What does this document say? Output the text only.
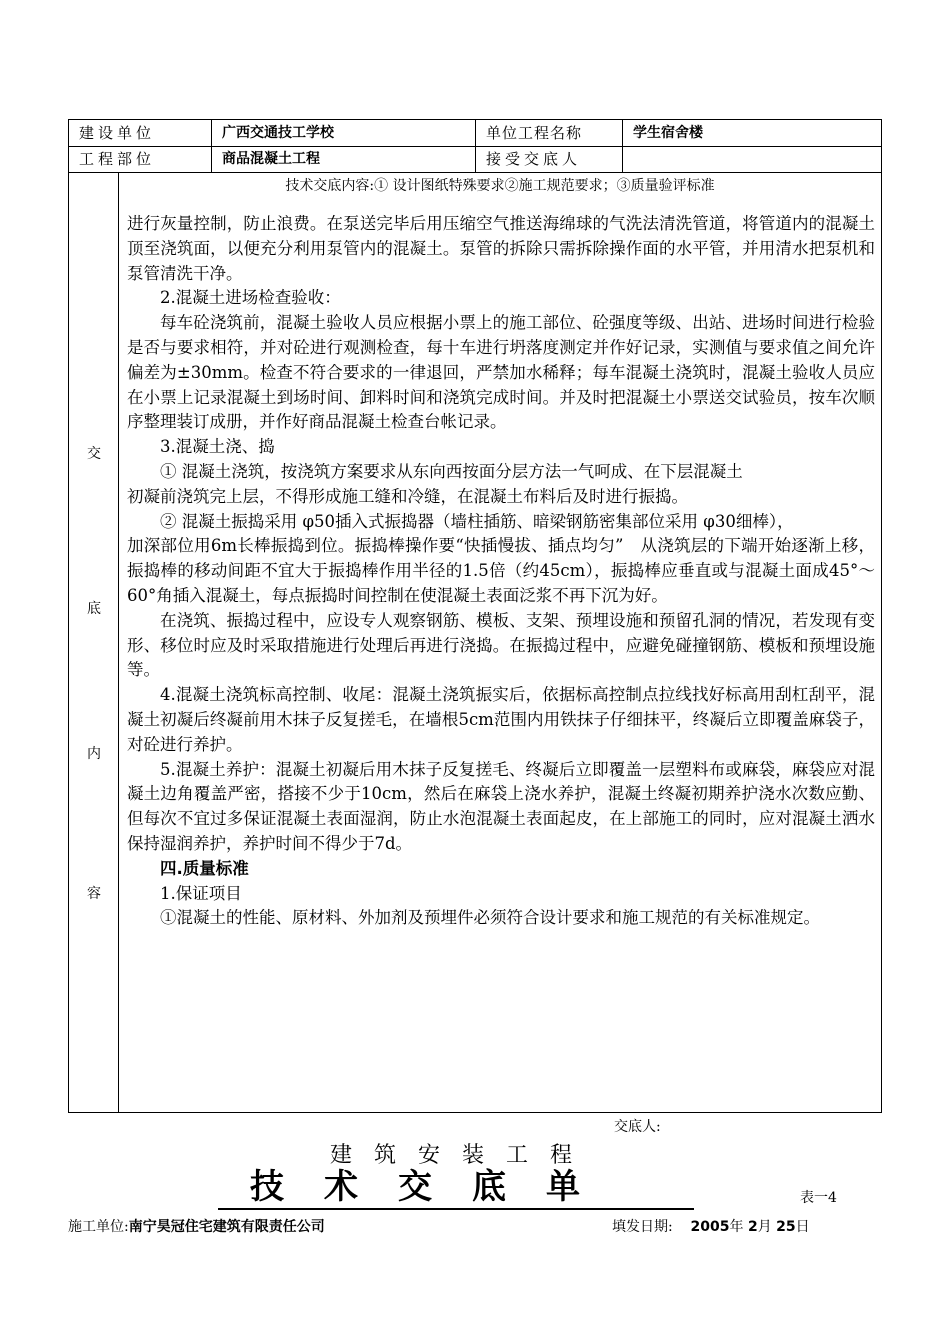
建设单位	广西交通技工学校	单位工程名称	学生宿舍楼
工程部位	商品混凝土工程	接受交底人
交
底
内
容
技术交底内容:① 设计图纸特殊要求②施工规范要求；③质量验评标准

进行灰量控制，防止浪费。在泵送完毕后用压缩空气推送海绵球的气洗法清洗管道，将管道内的混凝土顶至浇筑面，以便充分利用泵管内的混凝土。泵管的拆除只需拆除操作面的水平管，并用清水把泵机和泵管清洗干净。

2.混凝土进场检查验收：

每车砼浇筑前，混凝土验收人员应根据小票上的施工部位、砼强度等级、出站、进场时间进行检验是否与要求相符，并对砼进行观测检查，每十车进行坍落度测定并作好记录，实测值与要求值之间允许偏差为±30mm。检查不符合要求的一律退回，严禁加水稀释；每车混凝土浇筑时，混凝土验收人员应在小票上记录混凝土到场时间、卸料时间和浇筑完成时间。并及时把混凝土小票送交试验员，按车次顺序整理装订成册，并作好商品混凝土检查台帐记录。

3.混凝土浇、捣

① 混凝土浇筑，按浇筑方案要求从东向西按面分层方法一气呵成、在下层混凝土

初凝前浇筑完上层，不得形成施工缝和冷缝，在混凝土布料后及时进行振捣。

② 混凝土振捣采用 φ50插入式振捣器（墙柱插筋、暗梁钢筋密集部位采用 φ30细棒），

加深部位用6m长棒振捣到位。振捣棒操作要“快插慢拔、插点均匀”　从浇筑层的下端开始逐渐上移，振捣棒的移动间距不宜大于振捣棒作用半径的1.5倍（约45cm），振捣棒应垂直或与混凝土面成45°～60°角插入混凝土，每点振捣时间控制在使混凝土表面泛浆不再下沉为好。

在浇筑、振捣过程中，应设专人观察钢筋、模板、支架、预埋设施和预留孔洞的情况，若发现有变形、移位时应及时采取措施进行处理后再进行浇捣。在振捣过程中，应避免碰撞钢筋、模板和预埋设施等。

4.混凝土浇筑标高控制、收尾：混凝土浇筑振实后，依据标高控制点拉线找好标高用刮杠刮平，混凝土初凝后终凝前用木抹子反复搓毛，在墙根5cm范围内用铁抹子仔细抹平，终凝后立即覆盖麻袋子，对砼进行养护。

5.混凝土养护：混凝土初凝后用木抹子反复搓毛、终凝后立即覆盖一层塑料布或麻袋，麻袋应对混凝土边角覆盖严密，搭接不少于10cm，然后在麻袋上浇水养护，混凝土终凝初期养护浇水次数应勤、但每次不宜过多保证混凝土表面湿润，防止水泡混凝土表面起皮，在上部施工的同时，应对混凝土洒水保持湿润养护，养护时间不得少于7d。

四.质量标准

1.保证项目

①混凝土的性能、原材料、外加剂及预埋件必须符合设计要求和施工规范的有关标准规定。

交底人:
建筑安装工程
技术交底单	表一4
施工单位:南宁昊冠住宅建筑有限责任公司	填发日期: 2005年 2月 25日
